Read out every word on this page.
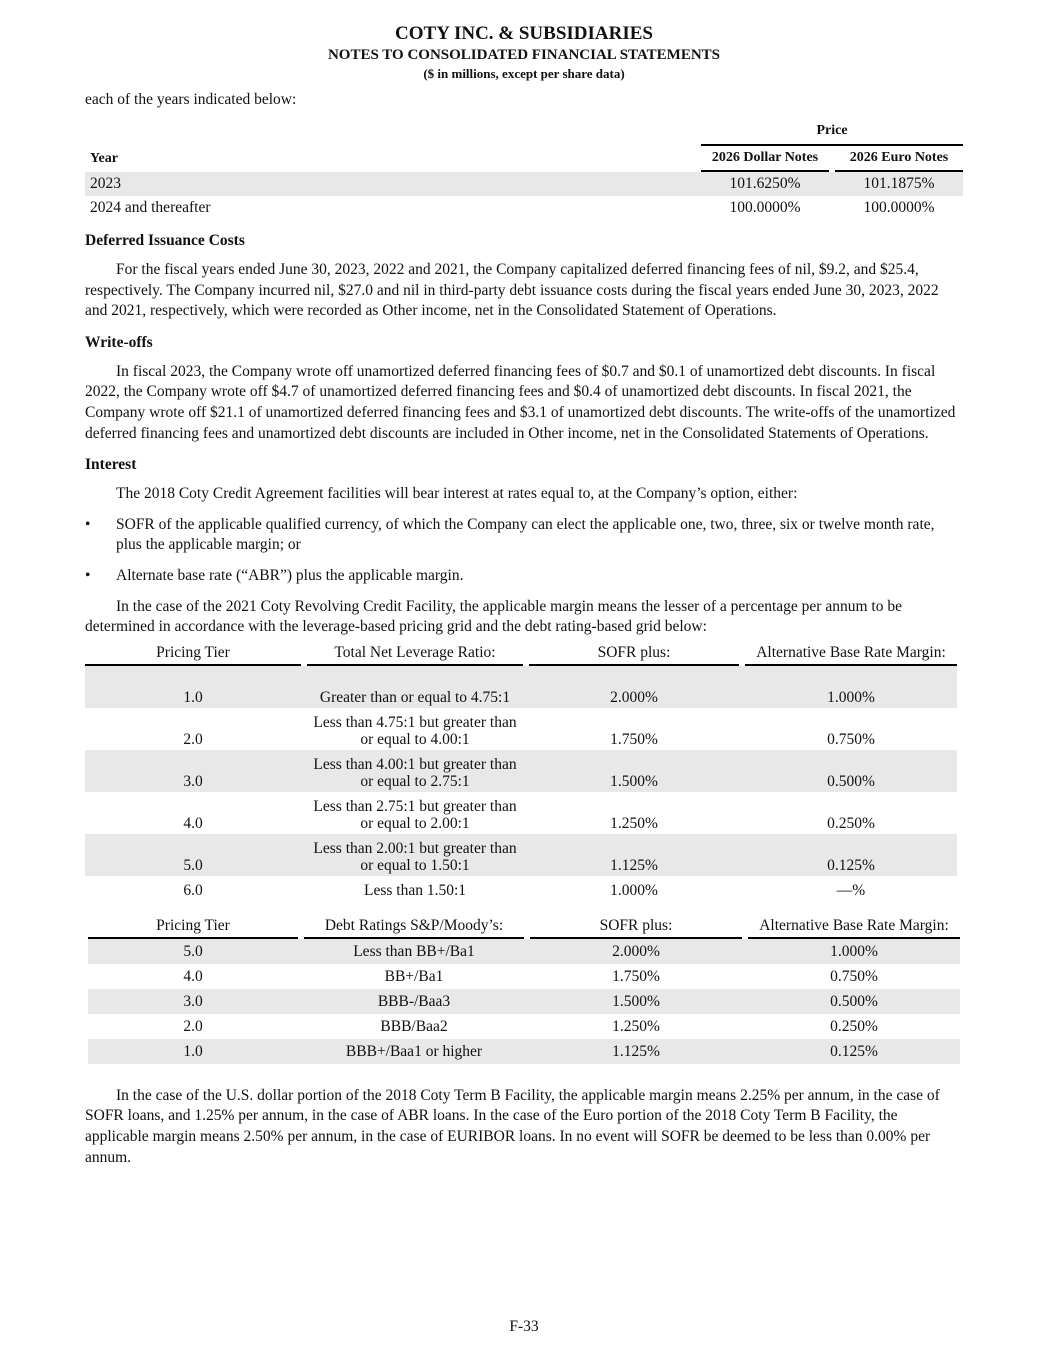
COTY INC. & SUBSIDIARIES
NOTES TO CONSOLIDATED FINANCIAL STATEMENTS
($ in millions, except per share data)
each of the years indicated below:
	Price		
Year	2026 Dollar Notes		2026 Euro Notes
2023	101.6250%		101.1875%
2024 and thereafter	100.0000%		100.0000%
Deferred Issuance Costs

For the fiscal years ended June 30, 2023, 2022 and 2021, the Company capitalized deferred financing fees of nil, $9.2, and $25.4, respectively. The Company incurred nil, $27.0 and nil in third-party debt issuance costs during the fiscal years ended June 30, 2023, 2022 and 2021, respectively, which were recorded as Other income, net in the Consolidated Statement of Operations.

Write-offs

In fiscal 2023, the Company wrote off unamortized deferred financing fees of $0.7 and $0.1 of unamortized debt discounts. In fiscal 2022, the Company wrote off $4.7 of unamortized deferred financing fees and $0.4 of unamortized debt discounts. In fiscal 2021, the Company wrote off $21.1 of unamortized deferred financing fees and $3.1 of unamortized debt discounts. The write-offs of the unamortized deferred financing fees and unamortized debt discounts are included in Other income, net in the Consolidated Statements of Operations.

Interest

The 2018 Coty Credit Agreement facilities will bear interest at rates equal to, at the Company’s option, either:

•	SOFR of the applicable qualified currency, of which the Company can elect the applicable one, two, three, six or twelve month rate, plus the applicable margin; or
•	Alternate base rate (“ABR”) plus the applicable margin.

In the case of the 2021 Coty Revolving Credit Facility, the applicable margin means the lesser of a percentage per annum to be determined in accordance with the leverage-based pricing grid and the debt rating-based grid below:

Pricing Tier		Total Net Leverage Ratio:		SOFR plus:		Alternative Base Rate Margin:
1.0		Greater than or equal to 4.75:1		2.000%		1.000%
2.0		Less than 4.75:1 but greater than or equal to 4.00:1		1.750%		0.750%
3.0		Less than 4.00:1 but greater than or equal to 2.75:1		1.500%		0.500%
4.0		Less than 2.75:1 but greater than or equal to 2.00:1		1.250%		0.250%
5.0		Less than 2.00:1 but greater than or equal to 1.50:1		1.125%		0.125%
6.0		Less than 1.50:1		1.000%		—%
Pricing Tier		Debt Ratings S&P/Moody’s:		SOFR plus:		Alternative Base Rate Margin:
5.0		Less than BB+/Ba1		2.000%		1.000%
4.0		BB+/Ba1		1.750%		0.750%
3.0		BBB-/Baa3		1.500%		0.500%
2.0		BBB/Baa2		1.250%		0.250%
1.0		BBB+/Baa1 or higher		1.125%		0.125%

In the case of the U.S. dollar portion of the 2018 Coty Term B Facility, the applicable margin means 2.25% per annum, in the case of SOFR loans, and 1.25% per annum, in the case of ABR loans. In the case of the Euro portion of the 2018 Coty Term B Facility, the applicable margin means 2.50% per annum, in the case of EURIBOR loans. In no event will SOFR be deemed to be less than 0.00% per annum.

F-33
